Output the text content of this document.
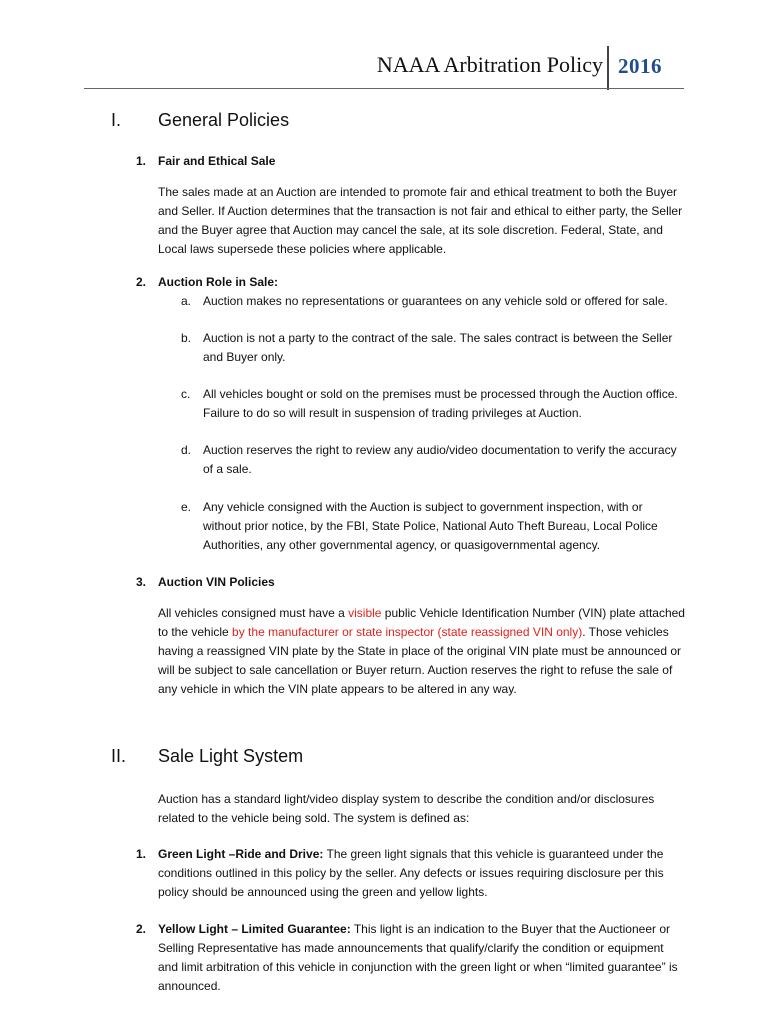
NAAA Arbitration Policy 2016
I. General Policies
1. Fair and Ethical Sale
The sales made at an Auction are intended to promote fair and ethical treatment to both the Buyer and Seller. If Auction determines that the transaction is not fair and ethical to either party, the Seller and the Buyer agree that Auction may cancel the sale, at its sole discretion. Federal, State, and Local laws supersede these policies where applicable.
2. Auction Role in Sale:
a. Auction makes no representations or guarantees on any vehicle sold or offered for sale.
b. Auction is not a party to the contract of the sale. The sales contract is between the Seller and Buyer only.
c. All vehicles bought or sold on the premises must be processed through the Auction office. Failure to do so will result in suspension of trading privileges at Auction.
d. Auction reserves the right to review any audio/video documentation to verify the accuracy of a sale.
e. Any vehicle consigned with the Auction is subject to government inspection, with or without prior notice, by the FBI, State Police, National Auto Theft Bureau, Local Police Authorities, any other governmental agency, or quasigovernmental agency.
3. Auction VIN Policies
All vehicles consigned must have a visible public Vehicle Identification Number (VIN) plate attached to the vehicle by the manufacturer or state inspector (state reassigned VIN only). Those vehicles having a reassigned VIN plate by the State in place of the original VIN plate must be announced or will be subject to sale cancellation or Buyer return. Auction reserves the right to refuse the sale of any vehicle in which the VIN plate appears to be altered in any way.
II. Sale Light System
Auction has a standard light/video display system to describe the condition and/or disclosures related to the vehicle being sold. The system is defined as:
1. Green Light –Ride and Drive: The green light signals that this vehicle is guaranteed under the conditions outlined in this policy by the seller. Any defects or issues requiring disclosure per this policy should be announced using the green and yellow lights.
2. Yellow Light – Limited Guarantee: This light is an indication to the Buyer that the Auctioneer or Selling Representative has made announcements that qualify/clarify the condition or equipment and limit arbitration of this vehicle in conjunction with the green light or when “limited guarantee” is announced.
